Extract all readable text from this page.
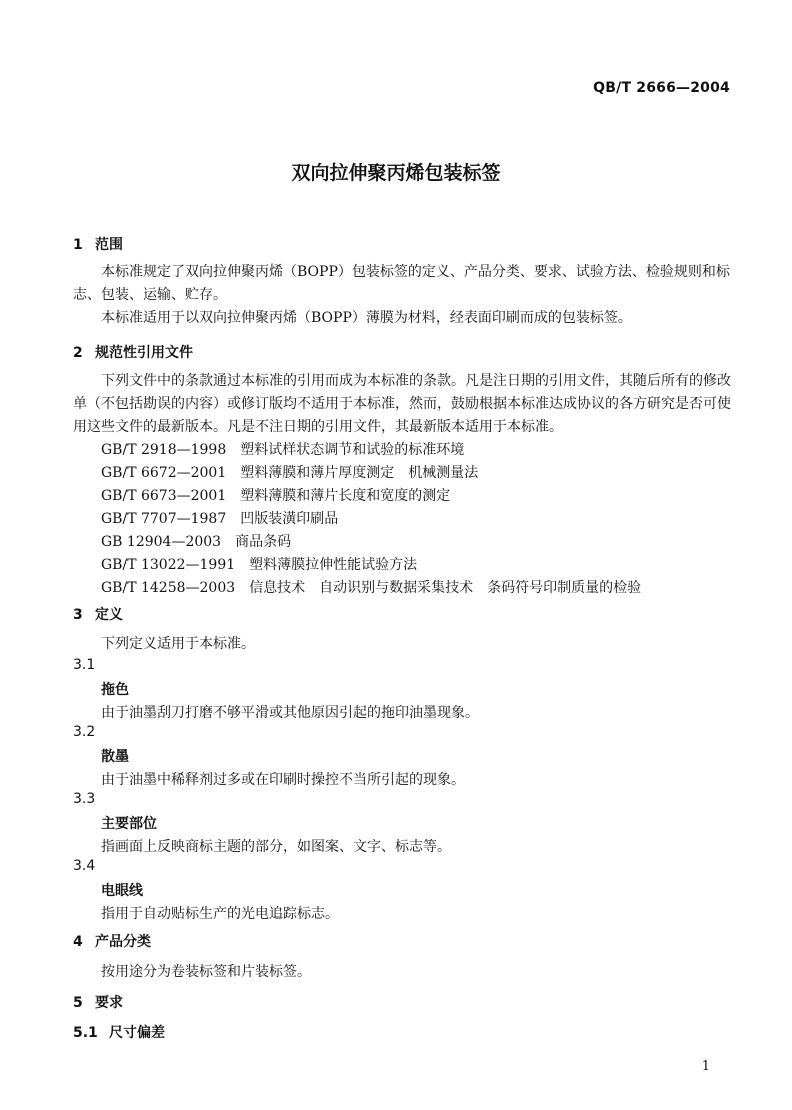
QB/T 2666—2004
双向拉伸聚丙烯包装标签
1 范围
本标准规定了双向拉伸聚丙烯（BOPP）包装标签的定义、产品分类、要求、试验方法、检验规则和标志、包装、运输、贮存。
本标准适用于以双向拉伸聚丙烯（BOPP）薄膜为材料，经表面印刷而成的包装标签。
2 规范性引用文件
下列文件中的条款通过本标准的引用而成为本标准的条款。凡是注日期的引用文件，其随后所有的修改单（不包括勘误的内容）或修订版均不适用于本标准，然而，鼓励根据本标准达成协议的各方研究是否可使用这些文件的最新版本。凡是不注日期的引用文件，其最新版本适用于本标准。
GB/T 2918—1998 塑料试样状态调节和试验的标准环境
GB/T 6672—2001 塑料薄膜和薄片厚度测定　机械测量法
GB/T 6673—2001 塑料薄膜和薄片长度和宽度的测定
GB/T 7707—1987 凹版装潢印刷品
GB 12904—2003 商品条码
GB/T 13022—1991 塑料薄膜拉伸性能试验方法
GB/T 14258—2003 信息技术　自动识别与数据采集技术　条码符号印制质量的检验
3 定义
下列定义适用于本标准。
3.1
拖色
由于油墨刮刀打磨不够平滑或其他原因引起的拖印油墨现象。
3.2
散墨
由于油墨中稀释剂过多或在印刷时操控不当所引起的现象。
3.3
主要部位
指画面上反映商标主题的部分，如图案、文字、标志等。
3.4
电眼线
指用于自动贴标生产的光电追踪标志。
4 产品分类
按用途分为卷装标签和片装标签。
5 要求
5.1 尺寸偏差
1
